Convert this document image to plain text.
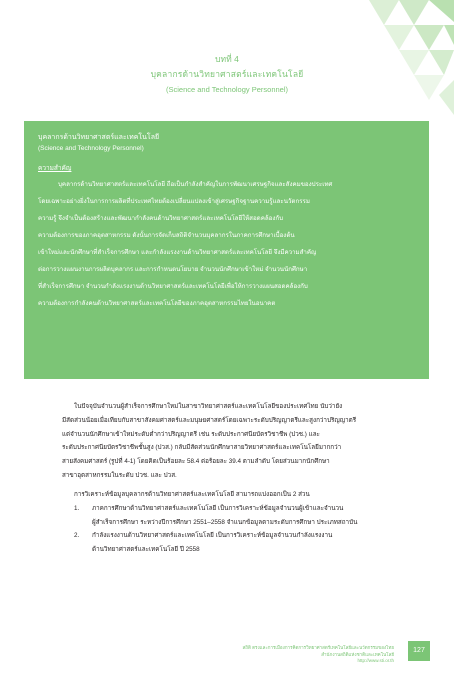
บทที่ 4
บุคลากรด้านวิทยาศาสตร์และเทคโนโลยี
(Science and Technology Personnel)
บุคลากรด้านวิทยาศาสตร์และเทคโนโลยี
(Science and Technology Personnel)
ความสำคัญ
บุคลากรด้านวิทยาศาสตร์และเทคโนโลยี ถือเป็นกำลังสำคัญในการพัฒนาเศรษฐกิจและสังคมของประเทศ
โดยเฉพาะอย่างยิ่งในการการผลิตที่ประเทศไทยต้องเปลี่ยนแปลงเข้าสู่เศรษฐกิจฐานความรู้และนวัตกรรม
ความรู้ จึงจำเป็นต้องสร้างและพัฒนากำลังคนด้านวิทยาศาสตร์และเทคโนโลยีให้สอดคล้องกับ
ความต้องการของภาคอุตสาหกรรม ดังนั้นการจัดเก็บสถิติจำนวนบุคลากรในภาคการศึกษาเบื้องต้น
เข้าใหม่และนักศึกษาที่สำเร็จการศึกษา และกำลังแรงงานด้านวิทยาศาสตร์และเทคโนโลยี จึงมีความสำคัญ
ต่อการวางแผนงานการผลิตบุคลากร และการกำหนดนโยบาย จำนวนนักศึกษาเข้าใหม่ จำนวนนักศึกษา
ที่สำเร็จการศึกษา จำนวนกำลังแรงงานด้านวิทยาศาสตร์และเทคโนโลยีเพื่อให้การวางแผนสอดคล้องกับ
ความต้องการกำลังคนด้านวิทยาศาสตร์และเทคโนโลยีของภาคอุตสาหกรรมไทยในอนาคต
ในปัจจุบันจำนวนผู้สำเร็จการศึกษาใหม่ในสาขาวิทยาศาสตร์และเทคโนโลยีของประเทศไทย นับว่ายัง
มีสัดส่วนน้อยเมื่อเทียบกับสาขาสังคมศาสตร์และมนุษยศาสตร์โดยเฉพาะระดับปริญญาตรีและสูงกว่าปริญญาตรี
แต่จำนวนนักศึกษาเข้าใหม่ระดับต่ำกว่าปริญญาตรี เช่น ระดับประกาศนียบัตรวิชาชีพ (ปวช.) และ
ระดับประกาศนียบัตรวิชาชีพชั้นสูง (ปวส.) กลับมีสัดส่วนนักศึกษาสายวิทยาศาสตร์และเทคโนโลยีมากกว่า
สายสังคมศาสตร์ (รูปที่ 4-1) โดยคิดเป็นร้อยละ 58.4 ต่อร้อยละ 39.4 ตามลำดับ โดยส่วนมากนักศึกษา
สาขาอุตสาหกรรมในระดับ ปวช. และ ปวส.
การวิเคราะห์ข้อมูลบุคลากรด้านวิทยาศาสตร์และเทคโนโลยี สามารถแบ่งออกเป็น 2 ส่วน
1.	ภาคการศึกษาด้านวิทยาศาสตร์และเทคโนโลยี เป็นการวิเคราะห์ข้อมูลจำนวนผู้เข้าและจำนวน
ผู้สำเร็จการศึกษา ระหว่างปีการศึกษา 2551–2558 จำแนกข้อมูลตามระดับการศึกษา ประเภทสถาบัน
2.	กำลังแรงงานด้านวิทยาศาสตร์และเทคโนโลยี เป็นการวิเคราะห์ข้อมูลจำนวนกำลังแรงงาน
ด้านวิทยาศาสตร์และเทคโนโลยี ปี 2558
สถิติ ตรงและการเมืองการคิดการวิทยาศาสตร์เทคโนโลยีและนวัตกรรมของไทย
สำนักงานสถิติแห่งชาติและเทคโนโลยี
http://www.sti.or.th
127
